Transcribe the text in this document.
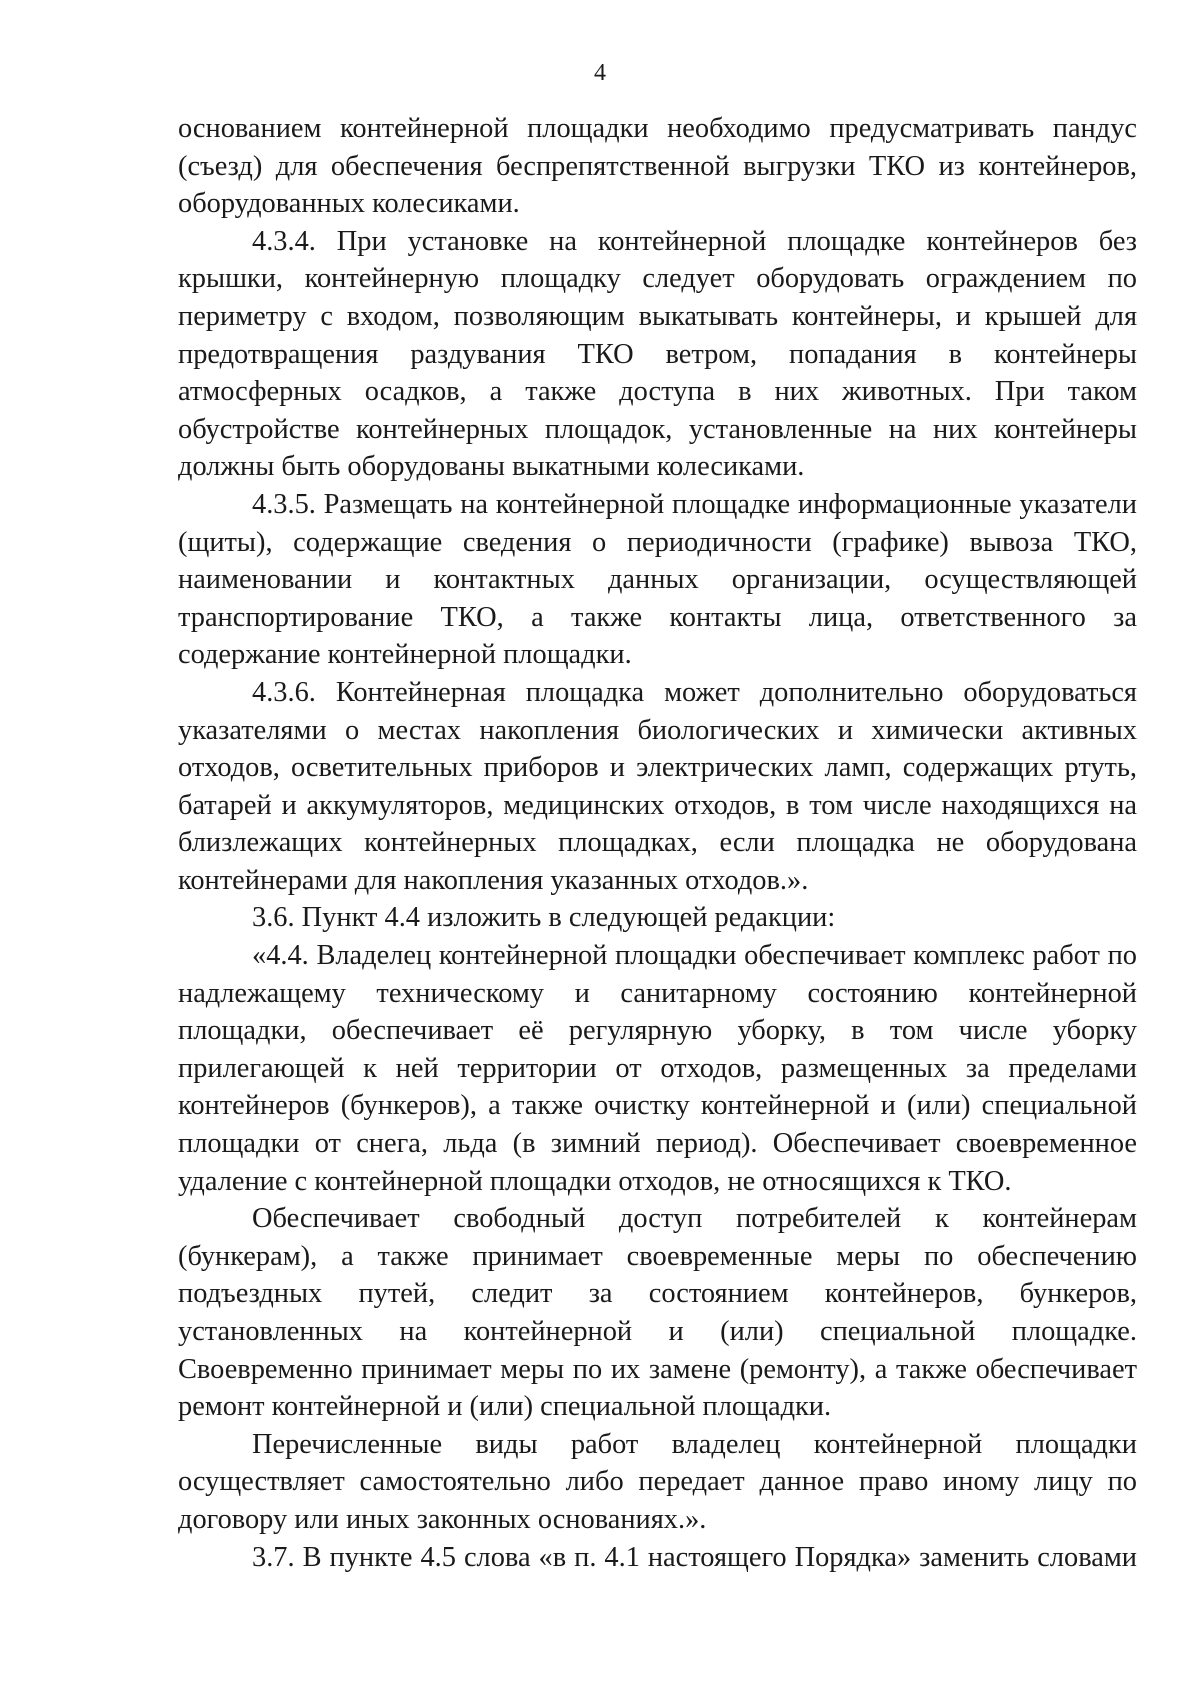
4

основанием контейнерной площадки необходимо предусматривать пандус (съезд) для обеспечения беспрепятственной выгрузки ТКО из контейнеров, оборудованных колесиками.

4.3.4. При установке на контейнерной площадке контейнеров без крышки, контейнерную площадку следует оборудовать ограждением по периметру с входом, позволяющим выкатывать контейнеры, и крышей для предотвращения раздувания ТКО ветром, попадания в контейнеры атмосферных осадков, а также доступа в них животных. При таком обустройстве контейнерных площадок, установленные на них контейнеры должны быть оборудованы выкатными колесиками.

4.3.5. Размещать на контейнерной площадке информационные указатели (щиты), содержащие сведения о периодичности (графике) вывоза ТКО, наименовании и контактных данных организации, осуществляющей транспортирование ТКО, а также контакты лица, ответственного за содержание контейнерной площадки.

4.3.6. Контейнерная площадка может дополнительно оборудоваться указателями о местах накопления биологических и химически активных отходов, осветительных приборов и электрических ламп, содержащих ртуть, батарей и аккумуляторов, медицинских отходов, в том числе находящихся на близлежащих контейнерных площадках, если площадка не оборудована контейнерами для накопления указанных отходов.».

3.6. Пункт 4.4 изложить в следующей редакции:

«4.4. Владелец контейнерной площадки обеспечивает комплекс работ по надлежащему техническому и санитарному состоянию контейнерной площадки, обеспечивает её регулярную уборку, в том числе уборку прилегающей к ней территории от отходов, размещенных за пределами контейнеров (бункеров), а также очистку контейнерной и (или) специальной площадки от снега, льда (в зимний период). Обеспечивает своевременное удаление с контейнерной площадки отходов, не относящихся к ТКО.

Обеспечивает свободный доступ потребителей к контейнерам (бункерам), а также принимает своевременные меры по обеспечению подъездных путей, следит за состоянием контейнеров, бункеров, установленных на контейнерной и (или) специальной площадке. Своевременно принимает меры по их замене (ремонту), а также обеспечивает ремонт контейнерной и (или) специальной площадки.

Перечисленные виды работ владелец контейнерной площадки осуществляет самостоятельно либо передает данное право иному лицу по договору или иных законных основаниях.».

3.7. В пункте 4.5 слова «в п. 4.1 настоящего Порядка» заменить словами
